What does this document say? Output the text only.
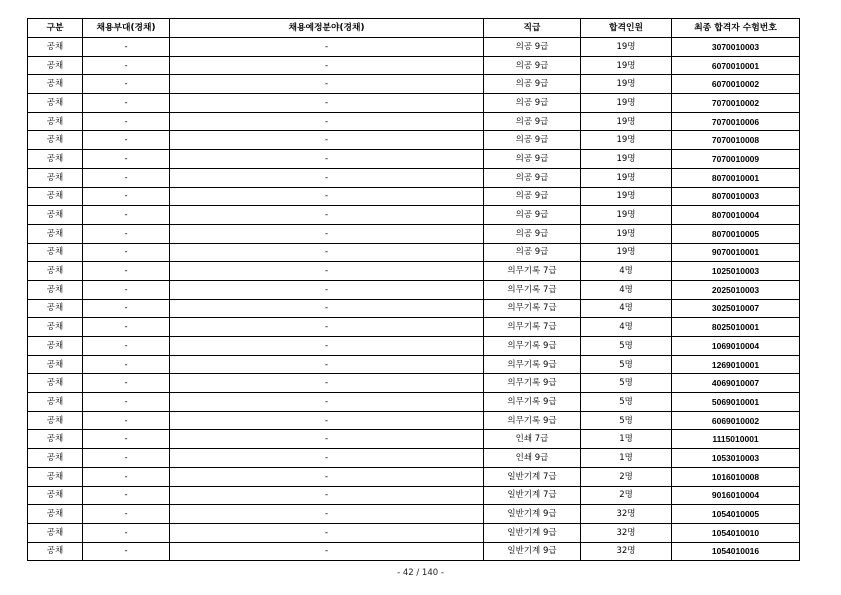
구분	채용부대(경채)	채용예정분야(경채)	직급	합격인원	최종 합격자 수험번호
공채	-	-	의공 9급	19명	3070010003
공채	-	-	의공 9급	19명	6070010001
공채	-	-	의공 9급	19명	6070010002
공채	-	-	의공 9급	19명	7070010002
공채	-	-	의공 9급	19명	7070010006
공채	-	-	의공 9급	19명	7070010008
공채	-	-	의공 9급	19명	7070010009
공채	-	-	의공 9급	19명	8070010001
공채	-	-	의공 9급	19명	8070010003
공채	-	-	의공 9급	19명	8070010004
공채	-	-	의공 9급	19명	8070010005
공채	-	-	의공 9급	19명	9070010001
공채	-	-	의무기록 7급	4명	1025010003
공채	-	-	의무기록 7급	4명	2025010003
공채	-	-	의무기록 7급	4명	3025010007
공채	-	-	의무기록 7급	4명	8025010001
공채	-	-	의무기록 9급	5명	1069010004
공채	-	-	의무기록 9급	5명	1269010001
공채	-	-	의무기록 9급	5명	4069010007
공채	-	-	의무기록 9급	5명	5069010001
공채	-	-	의무기록 9급	5명	6069010002
공채	-	-	인쇄 7급	1명	1115010001
공채	-	-	인쇄 9급	1명	1053010003
공채	-	-	일반기계 7급	2명	1016010008
공채	-	-	일반기계 7급	2명	9016010004
공채	-	-	일반기계 9급	32명	1054010005
공채	-	-	일반기계 9급	32명	1054010010
공채	-	-	일반기계 9급	32명	1054010016
- 42 / 140 -
